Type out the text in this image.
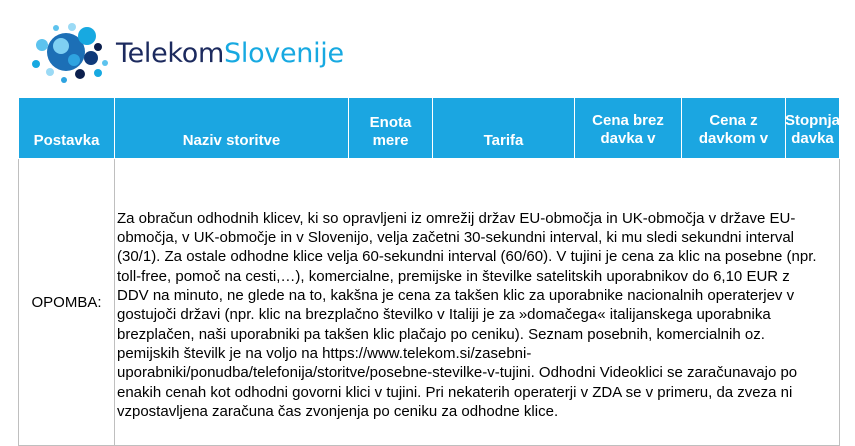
TelekomSlovenije
Postavka	Naziv storitve	Enota mere	Tarifa	Cena brez davka v	Cena z davkom v	Stopnja davka

OPOMBA:	Za obračun odhodnih klicev, ki so opravljeni iz omrežij držav EU-območja in UK-območja v države EU-območja, v UK-območje in v Slovenijo, velja začetni 30-sekundni interval, ki mu sledi sekundni interval (30/1). Za ostale odhodne klice velja 60-sekundni interval (60/60). V tujini je cena za klic na posebne (npr. toll-free, pomoč na cesti,…), komercialne, premijske in številke satelitskih uporabnikov do 6,10 EUR z DDV na minuto, ne glede na to, kakšna je cena za takšen klic za uporabnike nacionalnih operaterjev v gostujoči državi (npr. klic na brezplačno številko v Italiji je za »domačega« italijanskega uporabnika brezplačen, naši uporabniki pa takšen klic plačajo po ceniku). Seznam posebnih, komercialnih oz. pemijskih številk je na voljo na https://www.telekom.si/zasebni-uporabniki/ponudba/telefonija/storitve/posebne-stevilke-v-tujini. Odhodni Videoklici se zaračunavajo po enakih cenah kot odhodni govorni klici v tujini. Pri nekaterih operaterji v ZDA se v primeru, da zveza ni vzpostavljena zaračuna čas zvonjenja po ceniku za odhodne klice.					
